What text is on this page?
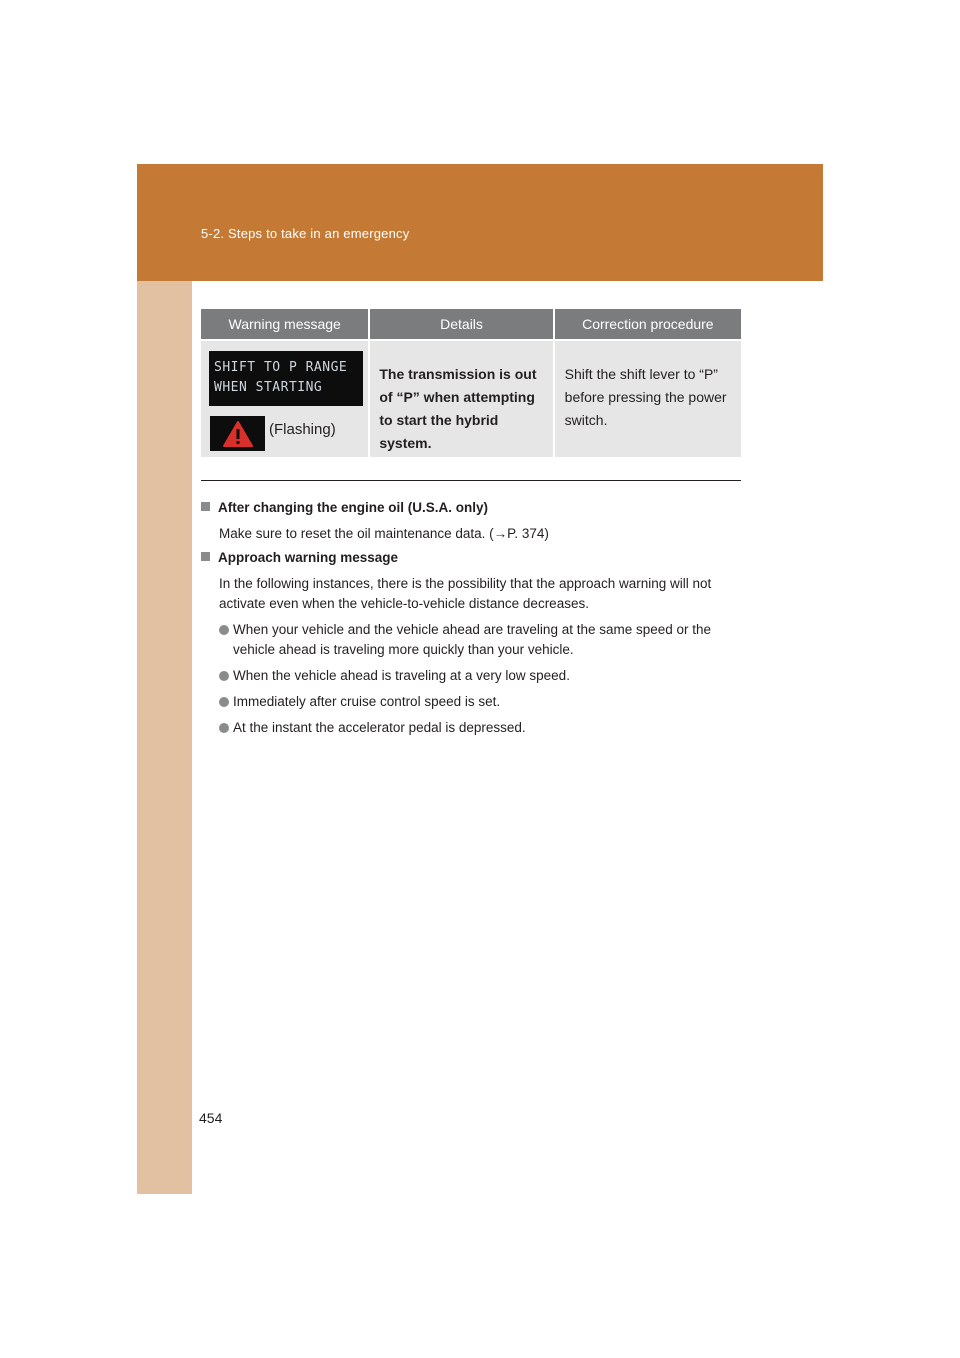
5-2. Steps to take in an emergency
Warning message	Details	Correction procedure
SHIFT TO P RANGE
WHEN STARTING
(Flashing)
The transmission is out of “P” when attempting to start the hybrid system.
Shift the shift lever to “P” before pressing the power switch.
After changing the engine oil (U.S.A. only)
Make sure to reset the oil maintenance data. (→P. 374)
Approach warning message
In the following instances, there is the possibility that the approach warning will not activate even when the vehicle-to-vehicle distance decreases.
When your vehicle and the vehicle ahead are traveling at the same speed or the vehicle ahead is traveling more quickly than your vehicle.
When the vehicle ahead is traveling at a very low speed.
Immediately after cruise control speed is set.
At the instant the accelerator pedal is depressed.
454
